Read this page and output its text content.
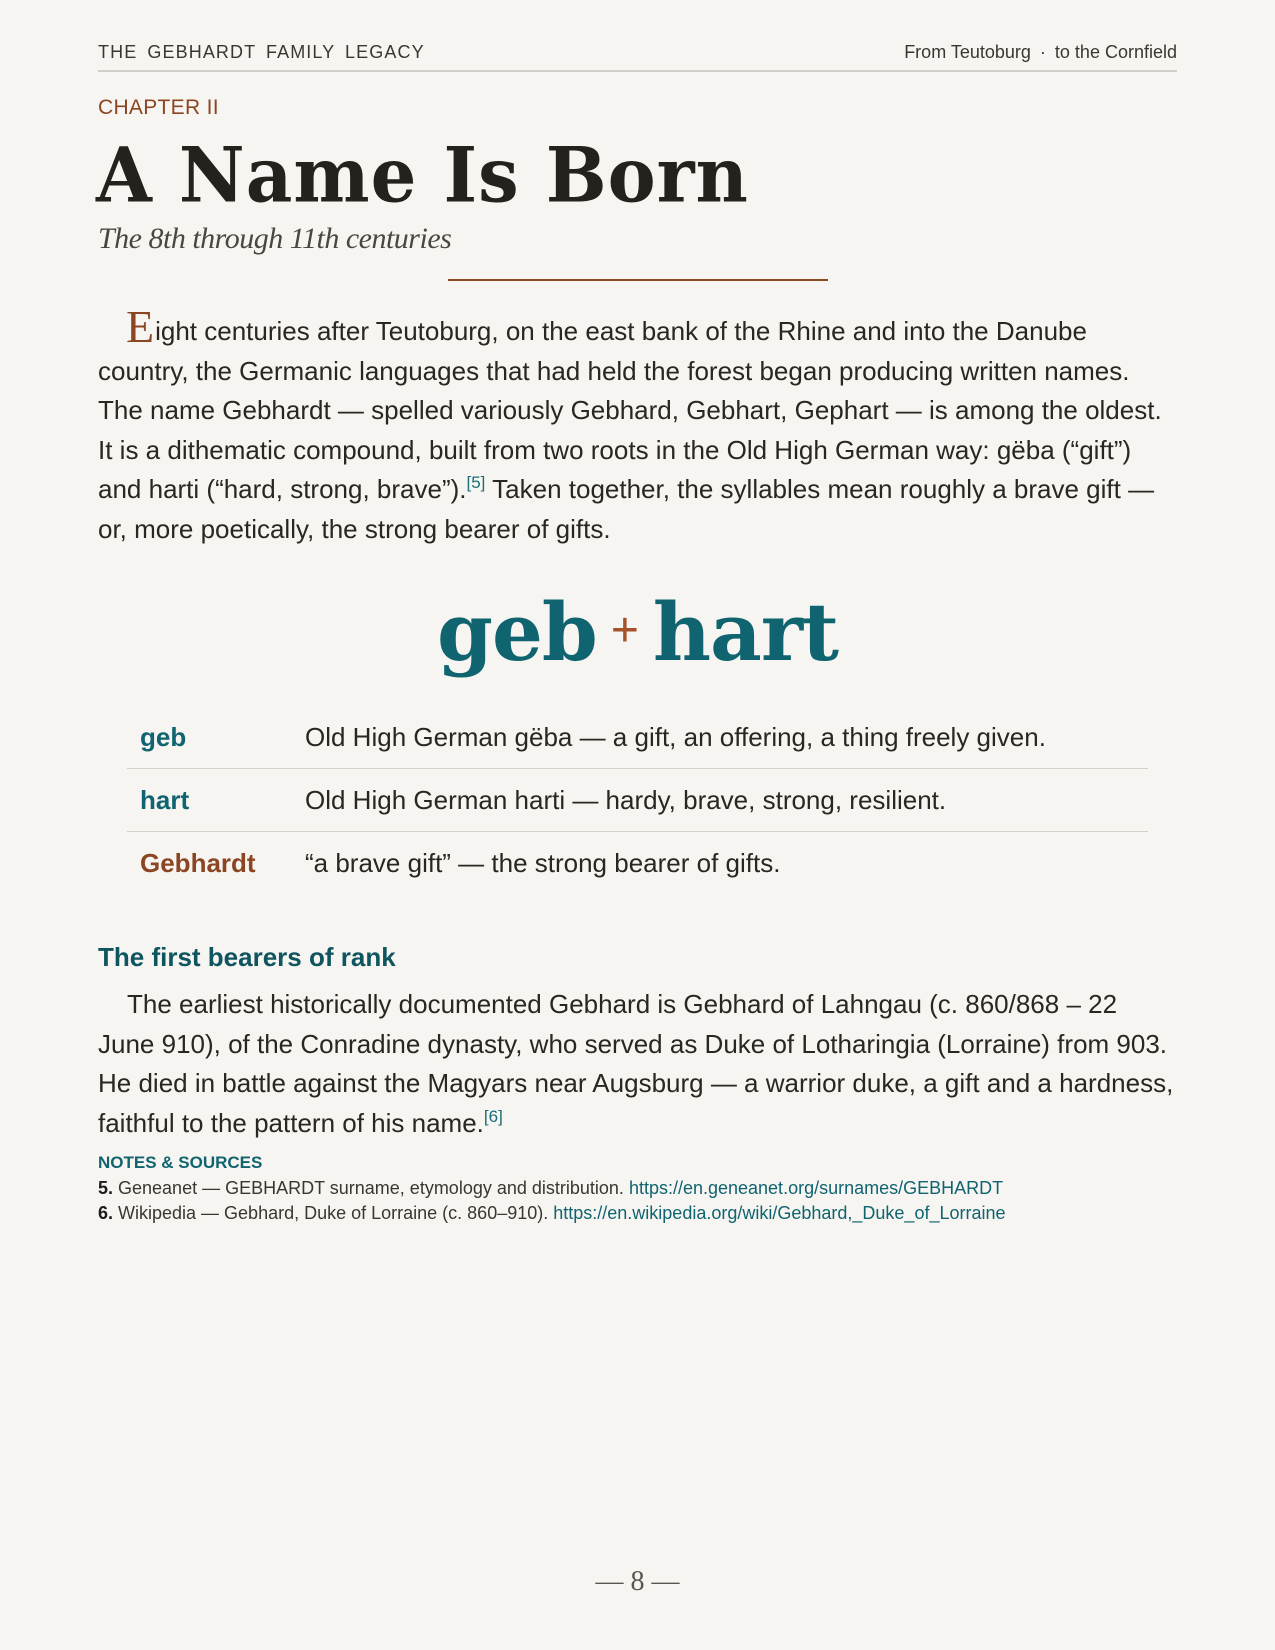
THE GEBHARDT FAMILY LEGACY	From Teutoburg · to the Cornfield
CHAPTER II
A Name Is Born
The 8th through 11th centuries

Eight centuries after Teutoburg, on the east bank of the Rhine and into the Danube country, the Germanic languages that had held the forest began producing written names. The name Gebhardt — spelled variously Gebhard, Gebhart, Gephart — is among the oldest. It is a dithematic compound, built from two roots in the Old High German way: gëba (“gift”) and harti (“hard, strong, brave”).[5] Taken together, the syllables mean roughly a brave gift — or, more poetically, the strong bearer of gifts.

geb + hart
geb	Old High German gëba — a gift, an offering, a thing freely given.
hart	Old High German harti — hardy, brave, strong, resilient.
Gebhardt	“a brave gift” — the strong bearer of gifts.
The first bearers of rank

The earliest historically documented Gebhard is Gebhard of Lahngau (c. 860/868 – 22 June 910), of the Conradine dynasty, who served as Duke of Lotharingia (Lorraine) from 903. He died in battle against the Magyars near Augsburg — a warrior duke, a gift and a hardness, faithful to the pattern of his name.[6]

NOTES & SOURCES
5. Geneanet — GEBHARDT surname, etymology and distribution. https://en.geneanet.org/surnames/GEBHARDT
6. Wikipedia — Gebhard, Duke of Lorraine (c. 860–910). https://en.wikipedia.org/wiki/Gebhard,_Duke_of_Lorraine
— 8 —
